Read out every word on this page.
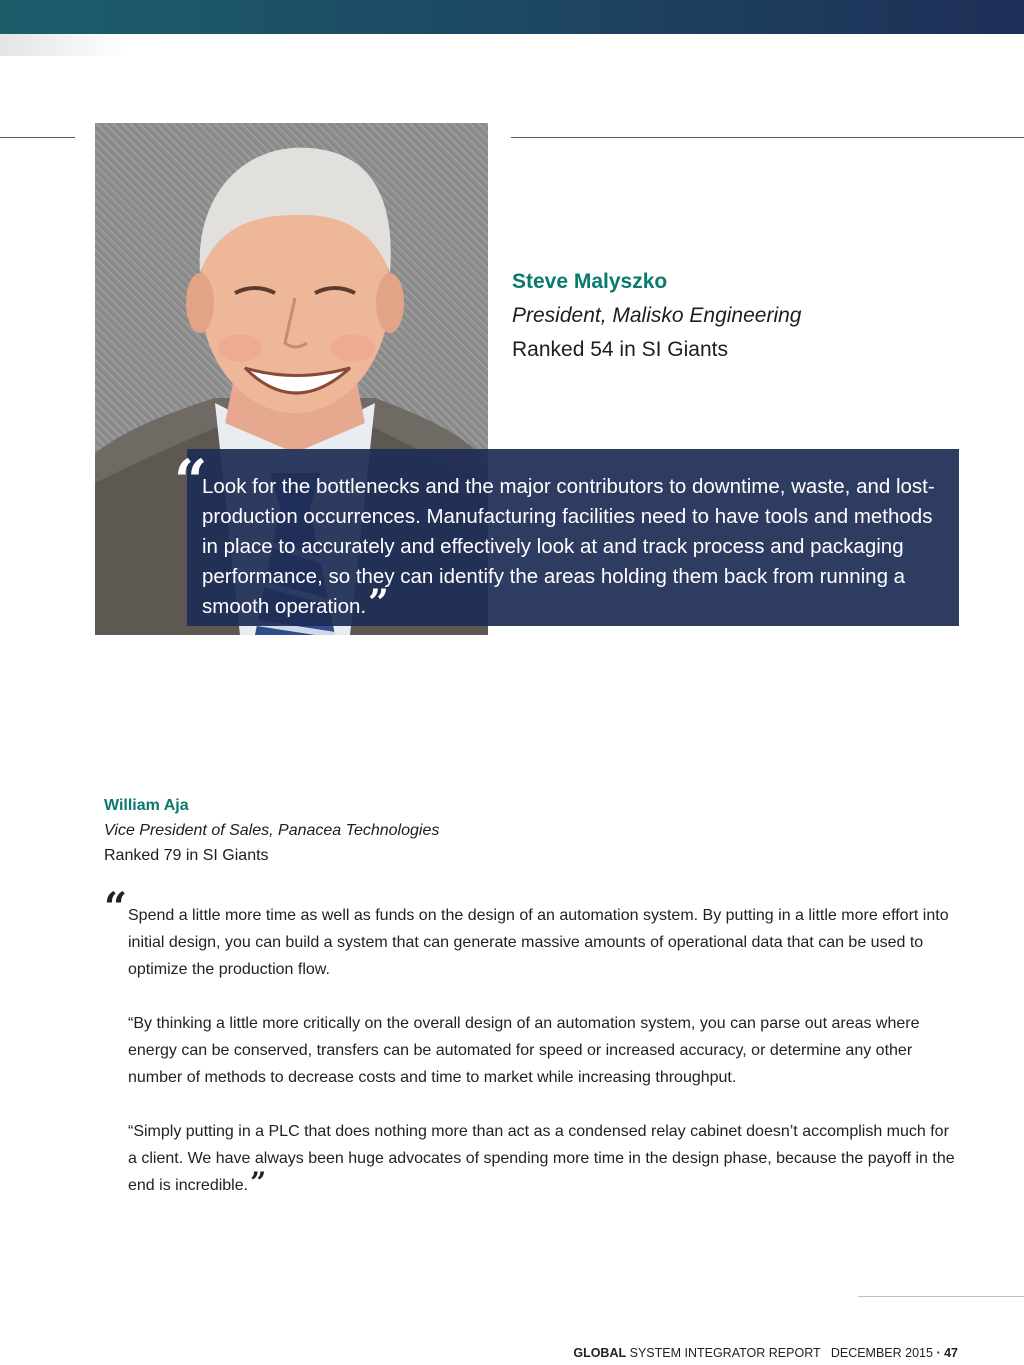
Steve Malyszko

President, Malisko Engineering

Ranked 54 in SI Giants

“
Look for the bottlenecks and the major contributors to downtime, waste, and lost-production occurrences. Manufacturing facilities need to have tools and methods in place to accurately and effectively look at and track process and packaging performance, so they can identify the areas holding them back from running a smooth operation.”

William Aja

Vice President of Sales, Panacea Technologies

Ranked 79 in SI Giants

“ Spend a little more time as well as funds on the design of an automation system. By putting in a little more effort into initial design, you can build a system that can generate massive amounts of operational data that can be used to optimize the production flow.

“By thinking a little more critically on the overall design of an automation system, you can parse out areas where energy can be conserved, transfers can be automated for speed or increased accuracy, or determine any other number of methods to decrease costs and time to market while increasing throughput.

“Simply putting in a PLC that does nothing more than act as a condensed relay cabinet doesn’t accomplish much for a client. We have always been huge advocates of spending more time in the design phase, because the payoff in the end is incredible.”

GLOBAL SYSTEM INTEGRATOR REPORT DECEMBER 2015 · 47
